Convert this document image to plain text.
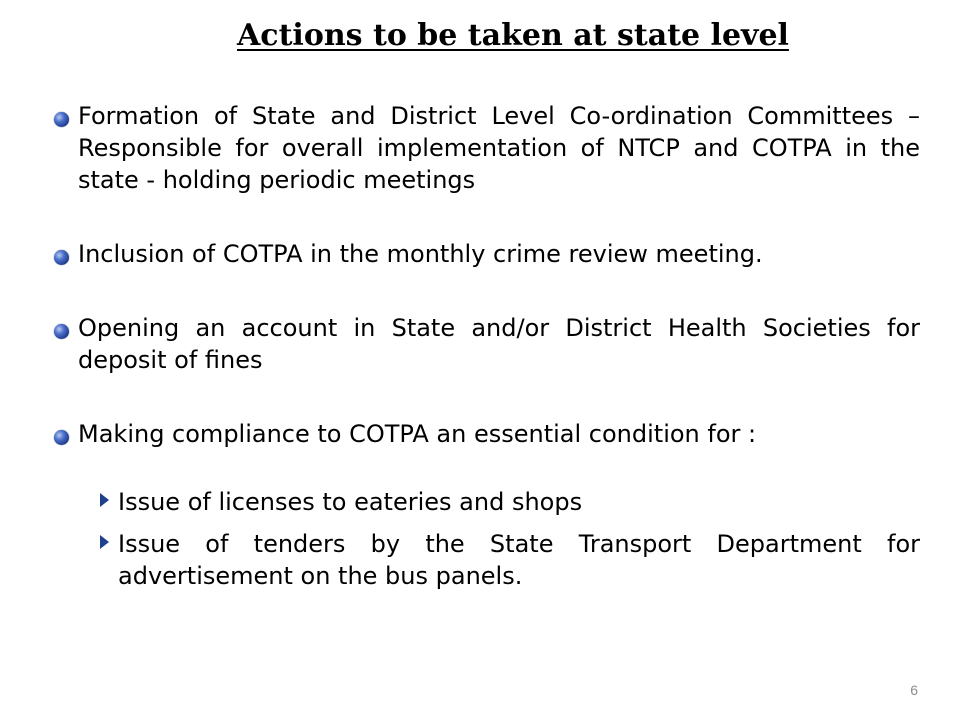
Actions to be taken at state level

Formation of State and District Level Co-ordination Committees – Responsible for overall implementation of NTCP and COTPA in the state - holding periodic meetings

Inclusion of COTPA in the monthly crime review meeting.

Opening an account in State and/or District Health Societies for deposit of fines

Making compliance to COTPA an essential condition for :

Issue of licenses to eateries and shops

Issue of tenders by the State Transport Department for advertisement on the bus panels.

6
